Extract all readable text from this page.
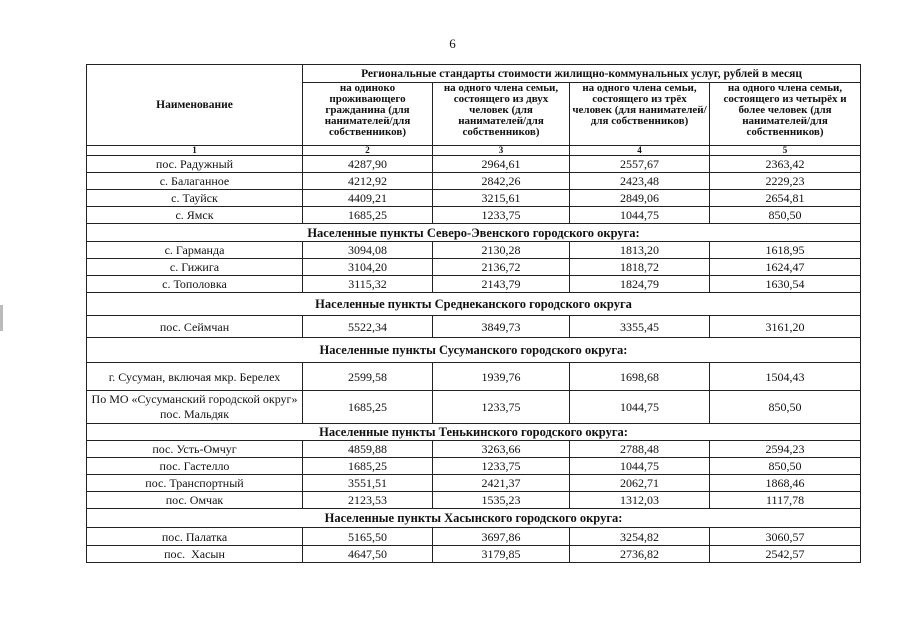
6
Наименование	Региональные стандарты стоимости жилищно-коммунальных услуг, рублей в месяц			
	на одиноко проживающего гражданина (для нанимателей/для собственников)	на одного члена семьи, состоящего из двух человек (для нанимателей/для собственников)	на одного члена семьи, состоящего из трёх человек (для нанимателей/для собственников)	на одного члена семьи, состоящего из четырёх и более человек (для нанимателей/для собственников)
1	2	3	4	5
пос. Радужный	4287,90	2964,61	2557,67	2363,42
с. Балаганное	4212,92	2842,26	2423,48	2229,23
с. Тауйск	4409,21	3215,61	2849,06	2654,81
с. Ямск	1685,25	1233,75	1044,75	850,50
Населенные пункты Северо-Эвенского городского округа:				
с. Гарманда	3094,08	2130,28	1813,20	1618,95
с. Гижига	3104,20	2136,72	1818,72	1624,47
с. Тополовка	3115,32	2143,79	1824,79	1630,54
Населенные пункты Среднеканского городского округа				
пос. Сеймчан	5522,34	3849,73	3355,45	3161,20
Населенные пункты Сусуманского городского округа:				
г. Сусуман, включая мкр. Берелех	2599,58	1939,76	1698,68	1504,43
По МО «Сусуманский городской округ» пос. Мальдяк	1685,25	1233,75	1044,75	850,50
Населенные пункты Тенькинского городского округа:				
пос. Усть-Омчуг	4859,88	3263,66	2788,48	2594,23
пос. Гастелло	1685,25	1233,75	1044,75	850,50
пос. Транспортный	3551,51	2421,37	2062,71	1868,46
пос. Омчак	2123,53	1535,23	1312,03	1117,78
Населенные пункты Хасынского городского округа:				
пос. Палатка	5165,50	3697,86	3254,82	3060,57
пос.  Хасын	4647,50	3179,85	2736,82	2542,57
